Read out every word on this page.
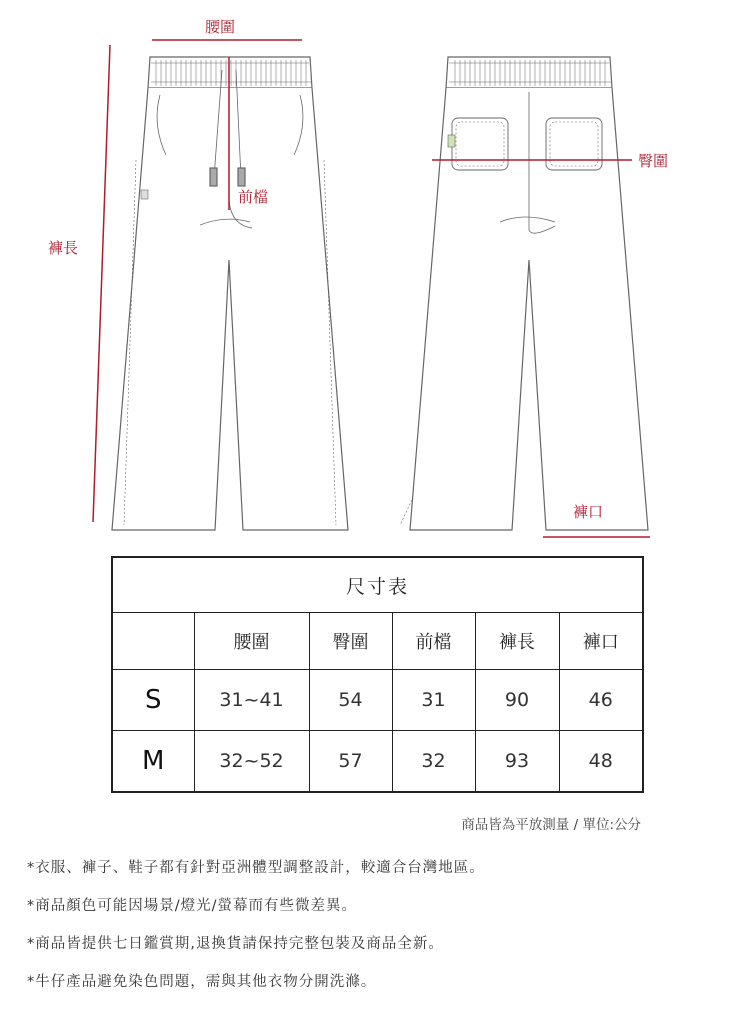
腰圍
前檔
褲長
臀圍
褲口
尺寸表					
	腰圍	臀圍	前檔	褲長	褲口
S	31~41	54	31	90	46
M	32~52	57	32	93	48
商品皆為平放測量 / 單位:公分
*衣服、褲子、鞋子都有針對亞洲體型調整設計，較適合台灣地區。
*商品顏色可能因場景/燈光/螢幕而有些微差異。
*商品皆提供七日鑑賞期,退換貨請保持完整包裝及商品全新。
*牛仔產品避免染色問題，需與其他衣物分開洗滌。
